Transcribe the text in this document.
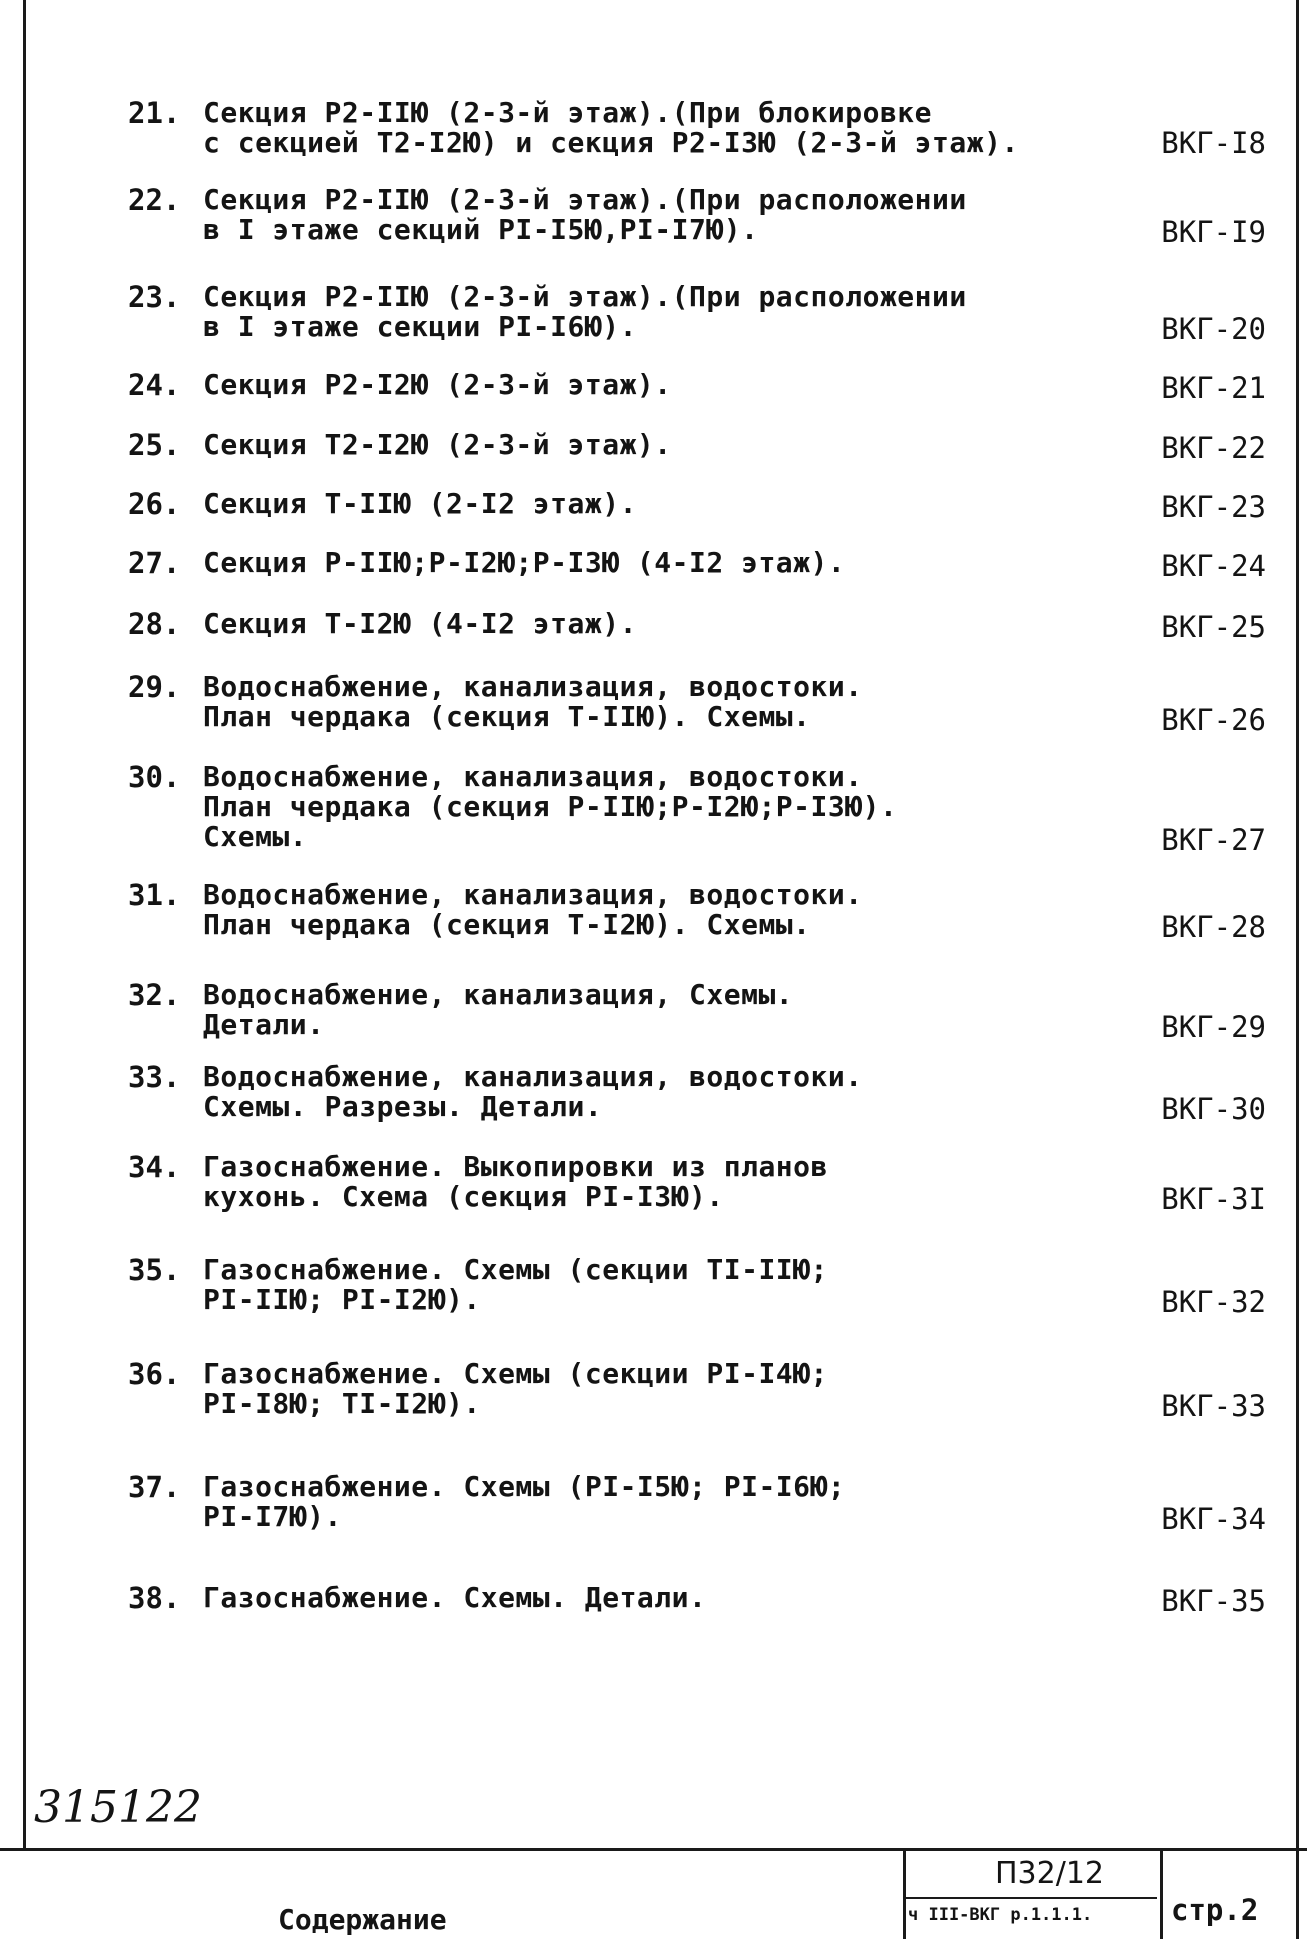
21. Секция Р2-IIЮ (2-3-й этаж).(При блокировке
с секцией Т2-I2Ю) и секция Р2-I3Ю (2-3-й этаж).	ВКГ-I8
22. Секция Р2-IIЮ (2-3-й этаж).(При расположении
в I этаже секций РI-I5Ю,РI-I7Ю).	ВКГ-I9
23. Секция Р2-IIЮ (2-3-й этаж).(При расположении
в I этаже секции РI-I6Ю).	ВКГ-20
24. Секция Р2-I2Ю (2-3-й этаж).	ВКГ-21
25. Секция Т2-I2Ю (2-3-й этаж).	ВКГ-22
26. Секция Т-IIЮ (2-I2 этаж).	ВКГ-23
27. Секция Р-IIЮ;Р-I2Ю;Р-I3Ю (4-I2 этаж).	ВКГ-24
28. Секция Т-I2Ю (4-I2 этаж).	ВКГ-25
29. Водоснабжение, канализация, водостоки.
План чердака (секция Т-IIЮ). Схемы.	ВКГ-26
30. Водоснабжение, канализация, водостоки.
План чердака (секция Р-IIЮ;Р-I2Ю;Р-I3Ю).
Схемы.	ВКГ-27
31. Водоснабжение, канализация, водостоки.
План чердака (секция Т-I2Ю). Схемы.	ВКГ-28
32. Водоснабжение, канализация, Схемы.
Детали.	ВКГ-29
33. Водоснабжение, канализация, водостоки.
Схемы. Разрезы. Детали.	ВКГ-30
34. Газоснабжение. Выкопировки из планов
кухонь. Схема (секция РI-I3Ю).	ВКГ-3I
35. Газоснабжение. Схемы (секции ТI-IIЮ;
РI-IIЮ; РI-I2Ю).	ВКГ-32
36. Газоснабжение. Схемы (секции РI-I4Ю;
РI-I8Ю; ТI-I2Ю).	ВКГ-33
37. Газоснабжение. Схемы (РI-I5Ю; РI-I6Ю;
РI-I7Ю).	ВКГ-34
38. Газоснабжение. Схемы. Детали.	ВКГ-35
315122
Содержание
П32/12
ч III-ВКГ р.1.1.1.	стр.2
